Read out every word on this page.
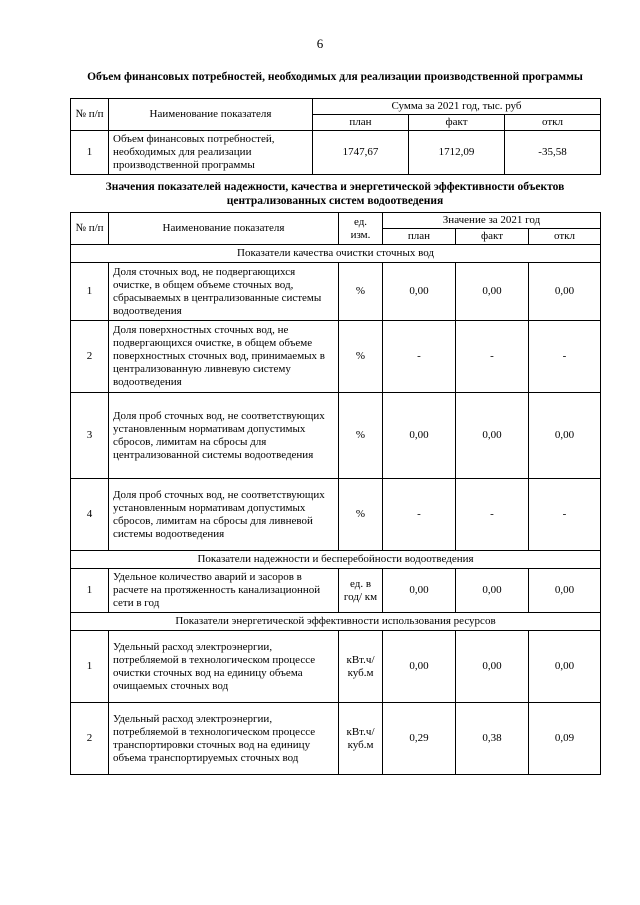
6
Объем финансовых потребностей, необходимых для реализации производственной программы
№ п/п	Наименование показателя	Сумма за 2021 год, тыс. руб		
		план	факт	откл
1	Объем финансовых потребностей, необходимых для реализации производственной программы	1747,67	1712,09	-35,58
Значения показателей надежности, качества и энергетической эффективности объектов централизованных систем водоотведения
№ п/п	Наименование показателя	ед. изм.	Значение за 2021 год		
			план	факт	откл
Показатели качества очистки сточных вод					
1	Доля сточных вод, не подвергающихся очистке, в общем объеме сточных вод, сбрасываемых в централизованные системы водоотведения	%	0,00	0,00	0,00
2	Доля поверхностных сточных вод, не подвергающихся очистке, в общем объеме поверхностных сточных вод, принимаемых в централизованную ливневую систему водоотведения	%	-	-	-
3	Доля проб сточных вод, не соответствующих установленным нормативам допустимых сбросов, лимитам на сбросы для централизованной системы водоотведения	%	0,00	0,00	0,00
4	Доля проб сточных вод, не соответствующих установленным нормативам допустимых сбросов, лимитам на сбросы для ливневой системы водоотведения	%	-	-	-
Показатели надежности и бесперебойности водоотведения					
1	Удельное количество аварий и засоров в расчете на протяженность канализационной сети в год	ед. в год/ км	0,00	0,00	0,00
Показатели энергетической эффективности использования ресурсов					
1	Удельный расход электроэнергии, потребляемой в технологическом процессе очистки сточных вод на единицу объема очищаемых сточных вод	кВт.ч/ куб.м	0,00	0,00	0,00
2	Удельный расход электроэнергии, потребляемой в технологическом процессе транспортировки сточных вод на единицу объема транспортируемых сточных вод	кВт.ч/ куб.м	0,29	0,38	0,09
